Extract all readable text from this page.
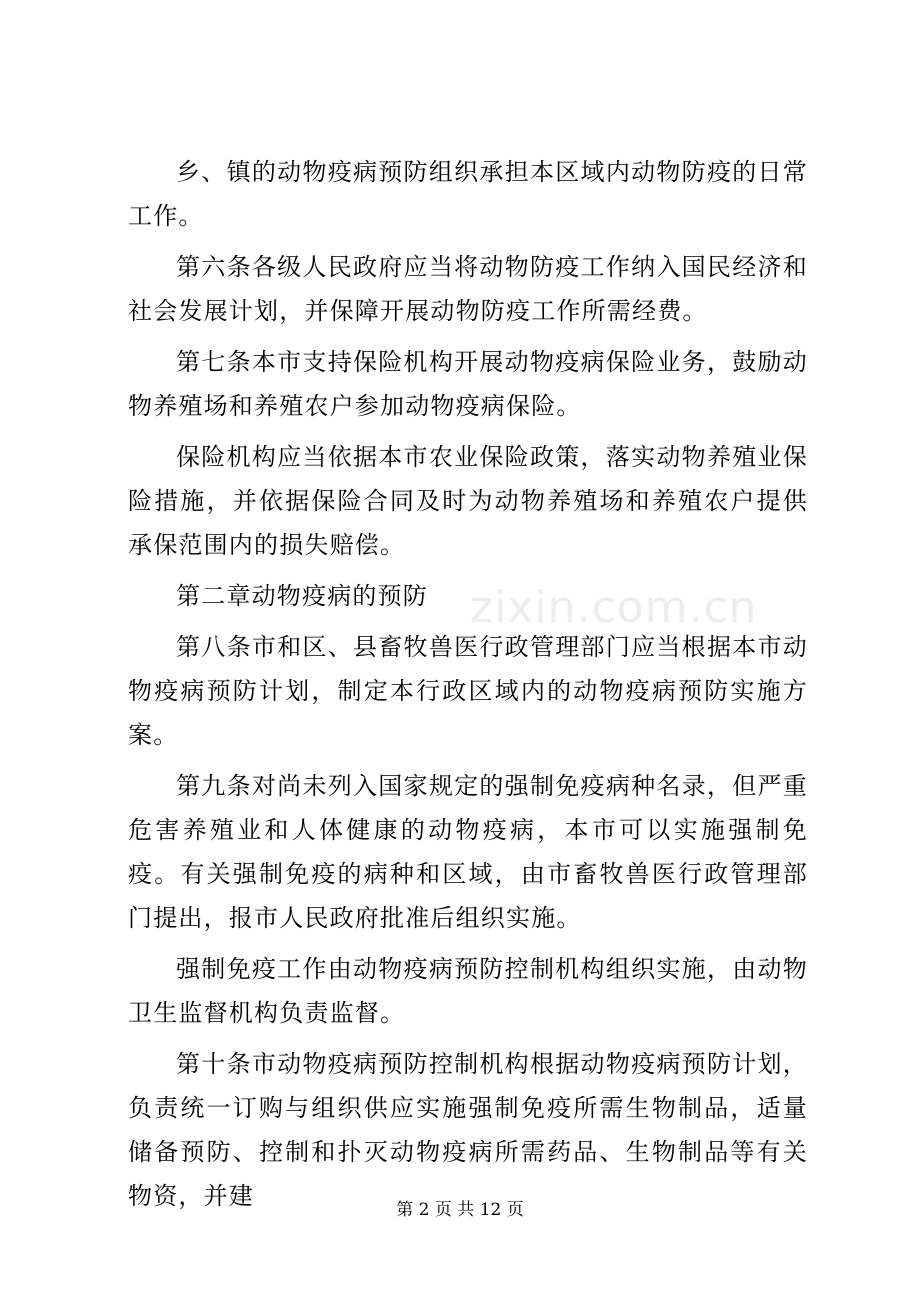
乡、镇的动物疫病预防组织承担本区域内动物防疫的日常工作。

第六条各级人民政府应当将动物防疫工作纳入国民经济和社会发展计划，并保障开展动物防疫工作所需经费。

第七条本市支持保险机构开展动物疫病保险业务，鼓励动物养殖场和养殖农户参加动物疫病保险。

保险机构应当依据本市农业保险政策，落实动物养殖业保险措施，并依据保险合同及时为动物养殖场和养殖农户提供承保范围内的损失赔偿。

第二章动物疫病的预防

第八条市和区、县畜牧兽医行政管理部门应当根据本市动物疫病预防计划，制定本行政区域内的动物疫病预防实施方案。

第九条对尚未列入国家规定的强制免疫病种名录，但严重危害养殖业和人体健康的动物疫病，本市可以实施强制免疫。有关强制免疫的病种和区域，由市畜牧兽医行政管理部门提出，报市人民政府批准后组织实施。

强制免疫工作由动物疫病预防控制机构组织实施，由动物卫生监督机构负责监督。

第十条市动物疫病预防控制机构根据动物疫病预防计划，负责统一订购与组织供应实施强制免疫所需生物制品，适量储备预防、控制和扑灭动物疫病所需药品、生物制品等有关物资，并建

zixin.com.cn
第 2 页 共 12 页
